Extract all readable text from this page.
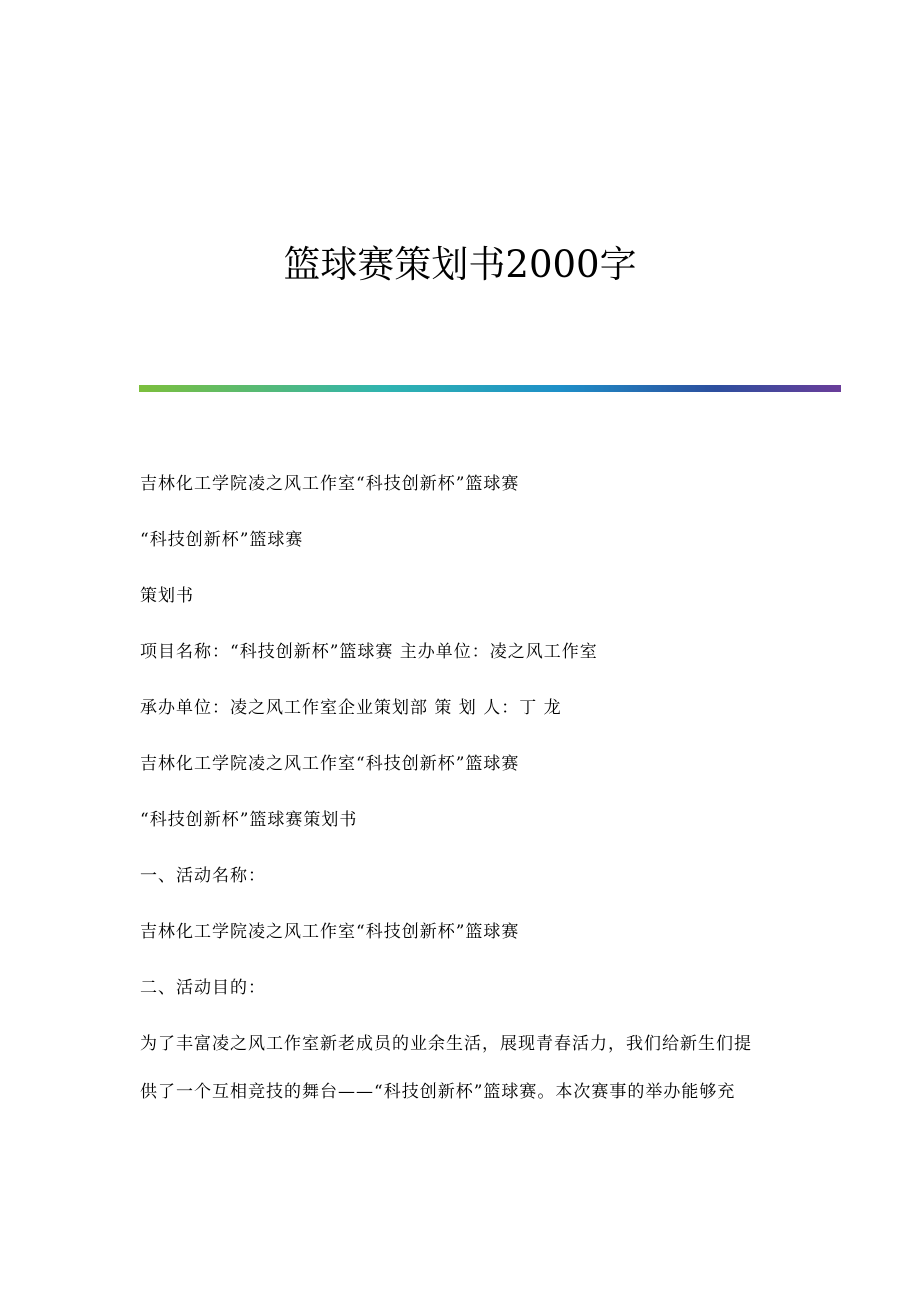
篮球赛策划书2000字
吉林化工学院凌之风工作室“科技创新杯”篮球赛
“科技创新杯”篮球赛
策划书
项目名称：“科技创新杯”篮球赛 主办单位：凌之风工作室
承办单位：凌之风工作室企业策划部 策 划 人：丁 龙
吉林化工学院凌之风工作室“科技创新杯”篮球赛
“科技创新杯”篮球赛策划书
一、活动名称：
吉林化工学院凌之风工作室“科技创新杯”篮球赛
二、活动目的：
为了丰富凌之风工作室新老成员的业余生活，展现青春活力，我们给新生们提
供了一个互相竞技的舞台——“科技创新杯”篮球赛。本次赛事的举办能够充
